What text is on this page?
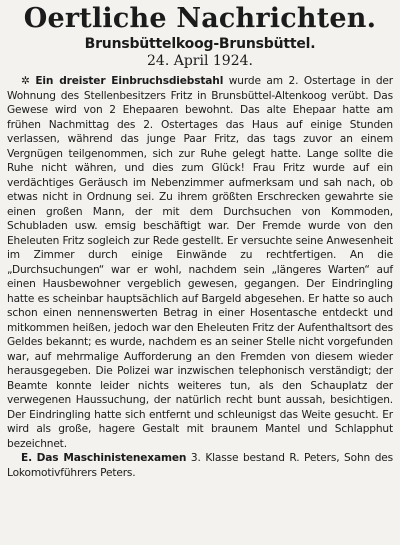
Oertliche Nachrichten.
Brunsbüttelkoog-Brunsbüttel.
24. April 1924.

✲ Ein dreister Einbruchsdiebstahl wurde am 2. Ostertage in der Wohnung des Stellenbesitzers Fritz in Brunsbüttel-Altenkoog verübt. Das Gewese wird von 2 Ehepaaren bewohnt. Das alte Ehepaar hatte am frühen Nachmittag des 2. Ostertages das Haus auf einige Stunden verlassen, während das junge Paar Fritz, das tags zuvor an einem Vergnügen teilgenommen, sich zur Ruhe gelegt hatte. Lange sollte die Ruhe nicht währen, und dies zum Glück! Frau Fritz wurde auf ein verdächtiges Geräusch im Nebenzimmer aufmerksam und sah nach, ob etwas nicht in Ordnung sei. Zu ihrem größten Erschrecken gewahrte sie einen großen Mann, der mit dem Durchsuchen von Kommoden, Schubladen usw. emsig beschäftigt war. Der Fremde wurde von den Eheleuten Fritz sogleich zur Rede gestellt. Er versuchte seine Anwesenheit im Zimmer durch einige Einwände zu rechtfertigen. An die „Durchsuchungen“ war er wohl, nachdem sein „längeres Warten“ auf einen Hausbewohner vergeblich gewesen, gegangen. Der Eindringling hatte es scheinbar hauptsächlich auf Bargeld abgesehen. Er hatte so auch schon einen nennenswerten Betrag in einer Hosentasche entdeckt und mitkommen heißen, jedoch war den Eheleuten Fritz der Aufenthaltsort des Geldes bekannt; es wurde, nachdem es an seiner Stelle nicht vorgefunden war, auf mehrmalige Aufforderung an den Fremden von diesem wieder herausgegeben. Die Polizei war inzwischen telephonisch verständigt; der Beamte konnte leider nichts weiteres tun, als den Schauplatz der verwegenen Haussuchung, der natürlich recht bunt aussah, besichtigen. Der Eindringling hatte sich entfernt und schleunigst das Weite gesucht. Er wird als große, hagere Gestalt mit braunem Mantel und Schlapphut bezeichnet.

E. Das Maschinistenexamen 3. Klasse bestand R. Peters, Sohn des Lokomotivführers Peters.
